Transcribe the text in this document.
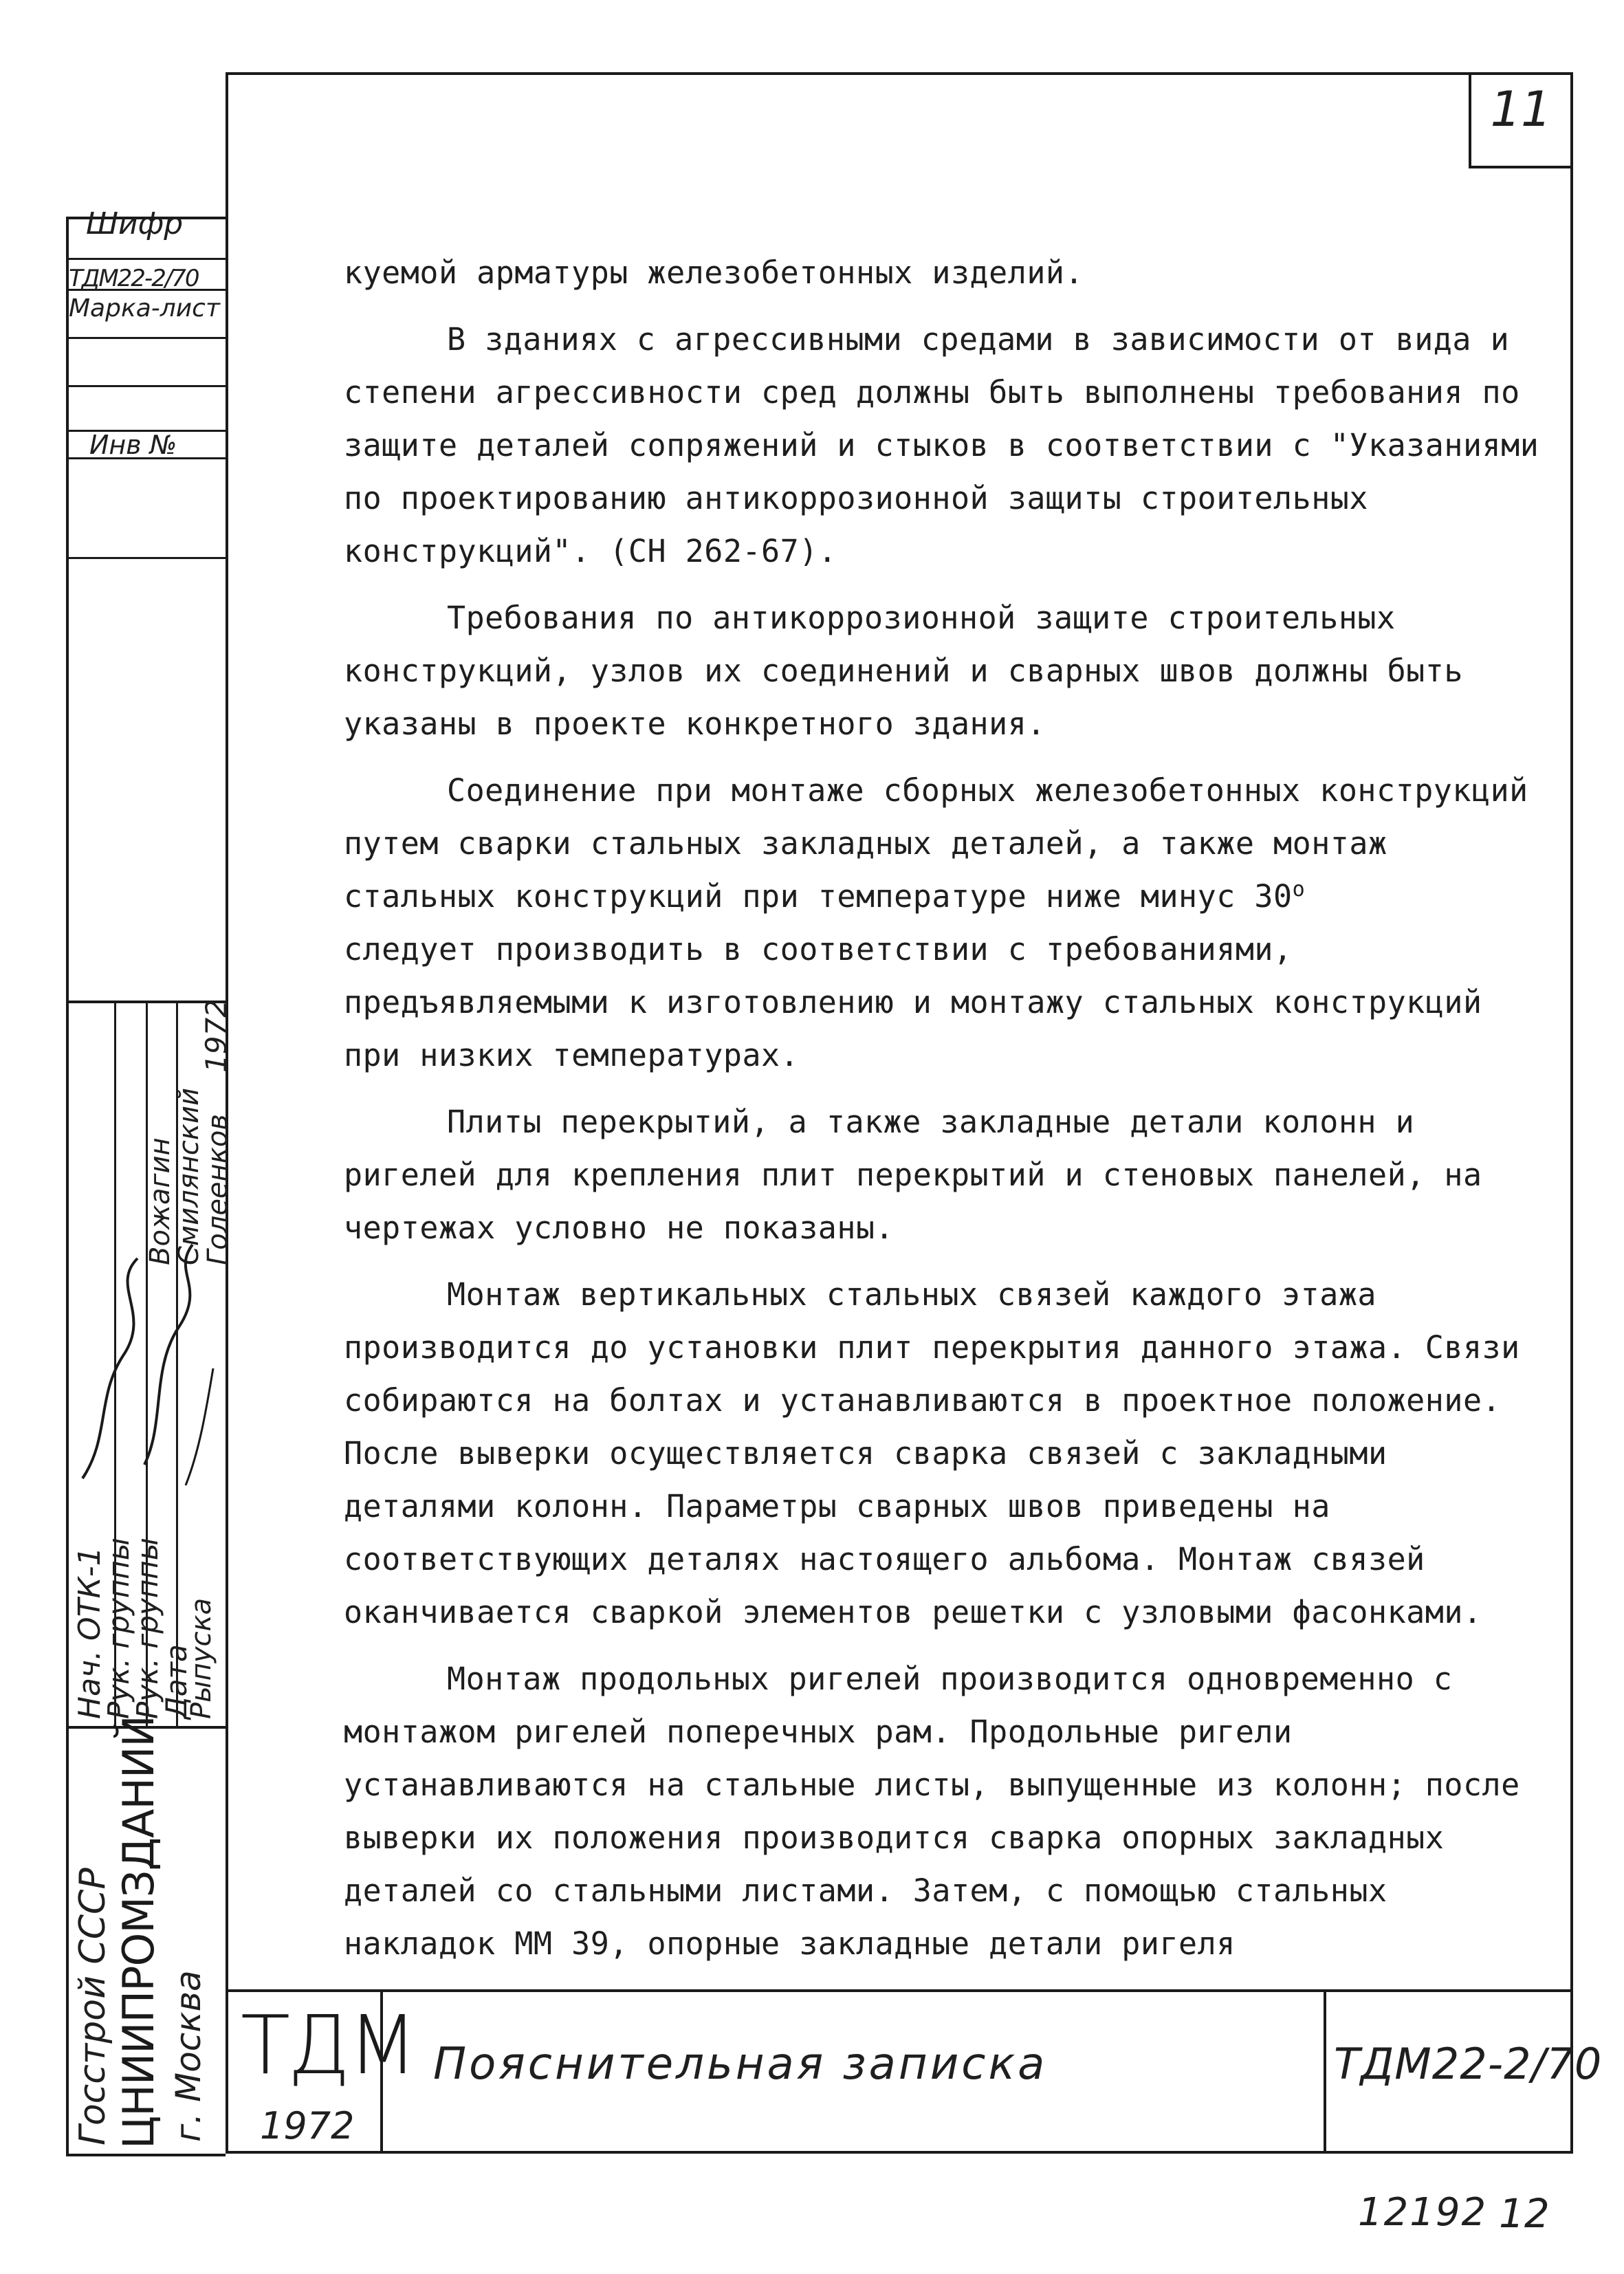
11
Шифр
ТДМ22-2/70
Марка-лист
Инв №
Нач. ОТК-1
Рук. группы
Рук. группы
Дата
Вожагин
Смилянский
Голеенков
Рыпуска
1972
Госстрой СССР ЦНИИПРОМЗДАНИЙ г. Москва

куемой арматуры железобетонных изделий.

В зданиях с агрессивными средами в зависимости от вида и степени агрессивности сред должны быть выполнены требования по защите деталей сопряжений и стыков в соответствии с "Указаниями по проектированию антикоррозионной защиты строительных конструкций". (СН 262-67).

Требования по антикоррозионной защите строительных конструкций, узлов их соединений и сварных швов должны быть указаны в проекте конкретного здания.

Соединение при монтаже сборных железобетонных конструкций путем сварки стальных закладных деталей, а также монтаж стальных конструкций при температуре ниже минус $30^о$

следует производить в соответствии с требованиями, предъявляемыми к изготовлению и монтажу стальных конструкций при низких температурах.

Плиты перекрытий, а также закладные детали колонн и ригелей для крепления плит перекрытий и стеновых панелей, на чертежах условно не показаны.

Монтаж вертикальных стальных связей каждого этажа производится до установки плит перекрытия данного этажа. Связи собираются на болтах и устанавливаются в проектное положение. После выверки осуществляется сварка связей с закладными деталями колонн. Параметры сварных швов приведены на соответствующих деталях настоящего альбома. Монтаж связей оканчивается сваркой элементов решетки с узловыми фасонками.

Монтаж продольных ригелей производится одновременно с монтажом ригелей поперечных рам. Продольные ригели устанавливаются на стальные листы, выпущенные из колонн; после выверки их положения производится сварка опорных закладных деталей со стальными листами. Затем, с помощью стальных накладок ММ 39, опорные закладные детали ригеля

ТДМ
1972
Пояснительная записка	ТДМ22-2/70
12192 12
